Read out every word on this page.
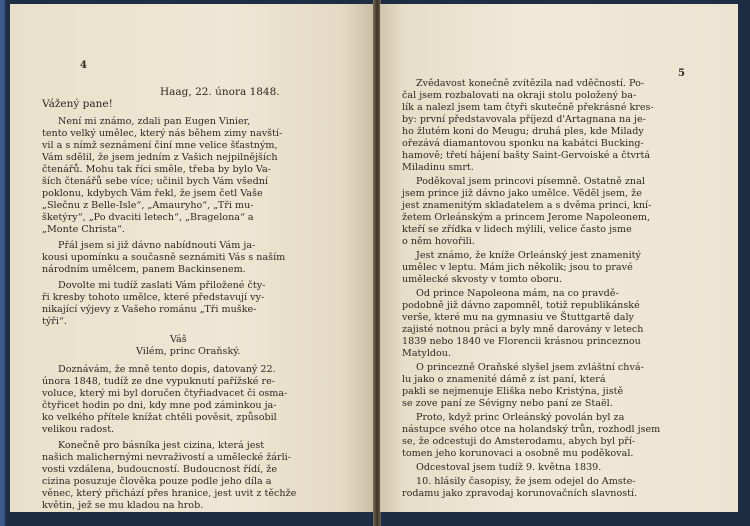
4
Haag, 22. února 1848.
Vážený pane!
Není mi známo, zdali pan Eugen Vinier,
tento velký umělec, který nás během zimy navští-
vil a s nímž seznámení činí mne velice šťastným,
Vám sdělil, že jsem jedním z Vašich nejpilnějších
čtenářů. Mohu tak říci směle, třeba by bylo Va-
ších čtenářů sebe více; učinil bych Vám všední
poklonu, kdybych Vám řekl, že jsem četl Vaše
„Slečnu z Belle-Isle“, „Amauryho“, „Tři mu-
šketýry“, „Po dvaciti letech“, „Bragelona“ a
„Monte Christa“.
Přál jsem si již dávno nabídnouti Vám ja-
kousi upomínku a současně seznámiti Vás s naším
národním umělcem, panem Backinsenem.
Dovolte mi tudíž zaslati Vám přiložené čty-
ři kresby tohoto umělce, které představují vy-
nikající výjevy z Vašeho románu „Tři muške-
týři“.
Váš
Vilém, princ Oraňský.
Doznávám, že mně tento dopis, datovaný 22.
února 1848, tudíž ze dne vypuknutí pařížské re-
voluce, který mi byl doručen čtyřiadvacet či osma-
čtyřicet hodin po dni, kdy mne pod záminkou ja-
ko velkého přítele knížat chtěli pověsit, způsobil
velikou radost.
Konečně pro básníka jest cizina, která jest
našich malichernými nevraživostí a umělecké žárli-
vosti vzdálena, budoucností. Budoucnost řídí, že
cizina posuzuje člověka pouze podle jeho díla a
věnec, který přichází přes hranice, jest uvit z těchže
květin, jež se mu kladou na hrob.
5
Zvědavost konečně zvítězila nad vděčností. Po-
čal jsem rozbalovati na okraji stolu položený ba-
lík a nalezl jsem tam čtyři skutečně překrásné kres-
by: první představovala příjezd d'Artagnana na je-
ho žlutém koni do Meugu; druhá ples, kde Milady
ořezává diamantovou sponku na kabátci Bucking-
hamově; třetí hájení bašty Saint-Gervoiské a čtvrtá
Miladinu smrt.
Poděkoval jsem princovi písemně. Ostatně znal
jsem prince již dávno jako umělce. Věděl jsem, že
jest znamenitým skladatelem a s dvěma princi, kní-
žetem Orleánským a princem Jerome Napoleonem,
kteří se zřídka v lidech mýlili, velice často jsme
o něm hovořili.
Jest známo, že kníže Orleánský jest znamenitý
umělec v leptu. Mám jich několik; jsou to pravé
umělecké skvosty v tomto oboru.
Od prince Napoleona mám, na co pravdě-
podobně již dávno zapomněl, totiž republikánské
verše, které mu na gymnasiu ve Štuttgartě daly
zajisté notnou práci a byly mně darovány v letech
1839 nebo 1840 ve Florencii krásnou princeznou
Matyldou.
O princezně Oraňské slyšel jsem zvláštní chvá-
lu jako o znamenité dámě z íst paní, která
pakli se nejmenuje Eliška nebo Kristýna, jistě
se zove paní ze Sévigny nebo paní ze Staël.
Proto, když princ Orleánský povolán byl za
nástupce svého otce na holandský trůn, rozhodl jsem
se, že odcestuji do Amsterodamu, abych byl pří-
tomen jeho korunovaci a osobně mu poděkoval.
Odcestoval jsem tudíž 9. května 1839.
10. hlásily časopisy, že jsem odejel do Amste-
rodamu jako zpravodaj korunovačních slavností.
